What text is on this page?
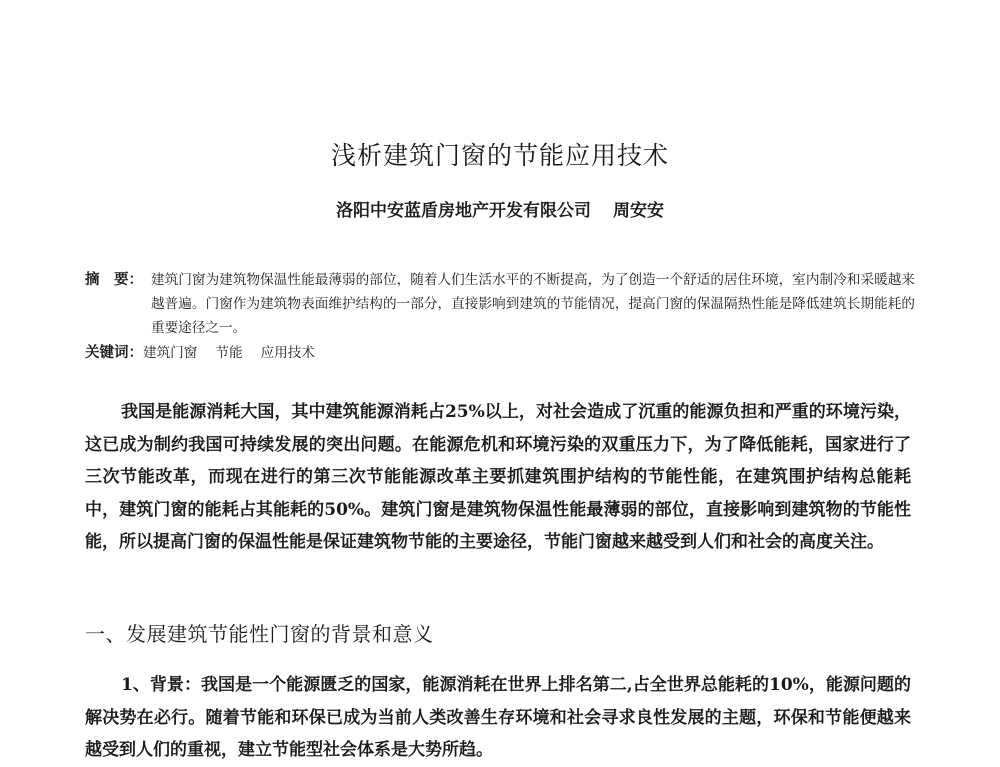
浅析建筑门窗的节能应用技术
洛阳中安蓝盾房地产开发有限公司 周安安
摘　要： 建筑门窗为建筑物保温性能最薄弱的部位，随着人们生活水平的不断提高，为了创造一个舒适的居住环境，室内制冷和采暖越来越普遍。门窗作为建筑物表面维护结构的一部分，直接影响到建筑的节能情况，提高门窗的保温隔热性能是降低建筑长期能耗的重要途径之一。
关键词：建筑门窗 节能 应用技术

我国是能源消耗大国，其中建筑能源消耗占25%以上，对社会造成了沉重的能源负担和严重的环境污染，这已成为制约我国可持续发展的突出问题。在能源危机和环境污染的双重压力下，为了降低能耗，国家进行了三次节能改革，而现在进行的第三次节能能源改革主要抓建筑围护结构的节能性能，在建筑围护结构总能耗中，建筑门窗的能耗占其能耗的50%。建筑门窗是建筑物保温性能最薄弱的部位，直接影响到建筑物的节能性能，所以提高门窗的保温性能是保证建筑物节能的主要途径，节能门窗越来越受到人们和社会的高度关注。

一、发展建筑节能性门窗的背景和意义

1、背景：我国是一个能源匮乏的国家，能源消耗在世界上排名第二,占全世界总能耗的10%，能源问题的解决势在必行。随着节能和环保已成为当前人类改善生存环境和社会寻求良性发展的主题，环保和节能便越来越受到人们的重视，建立节能型社会体系是大势所趋。
